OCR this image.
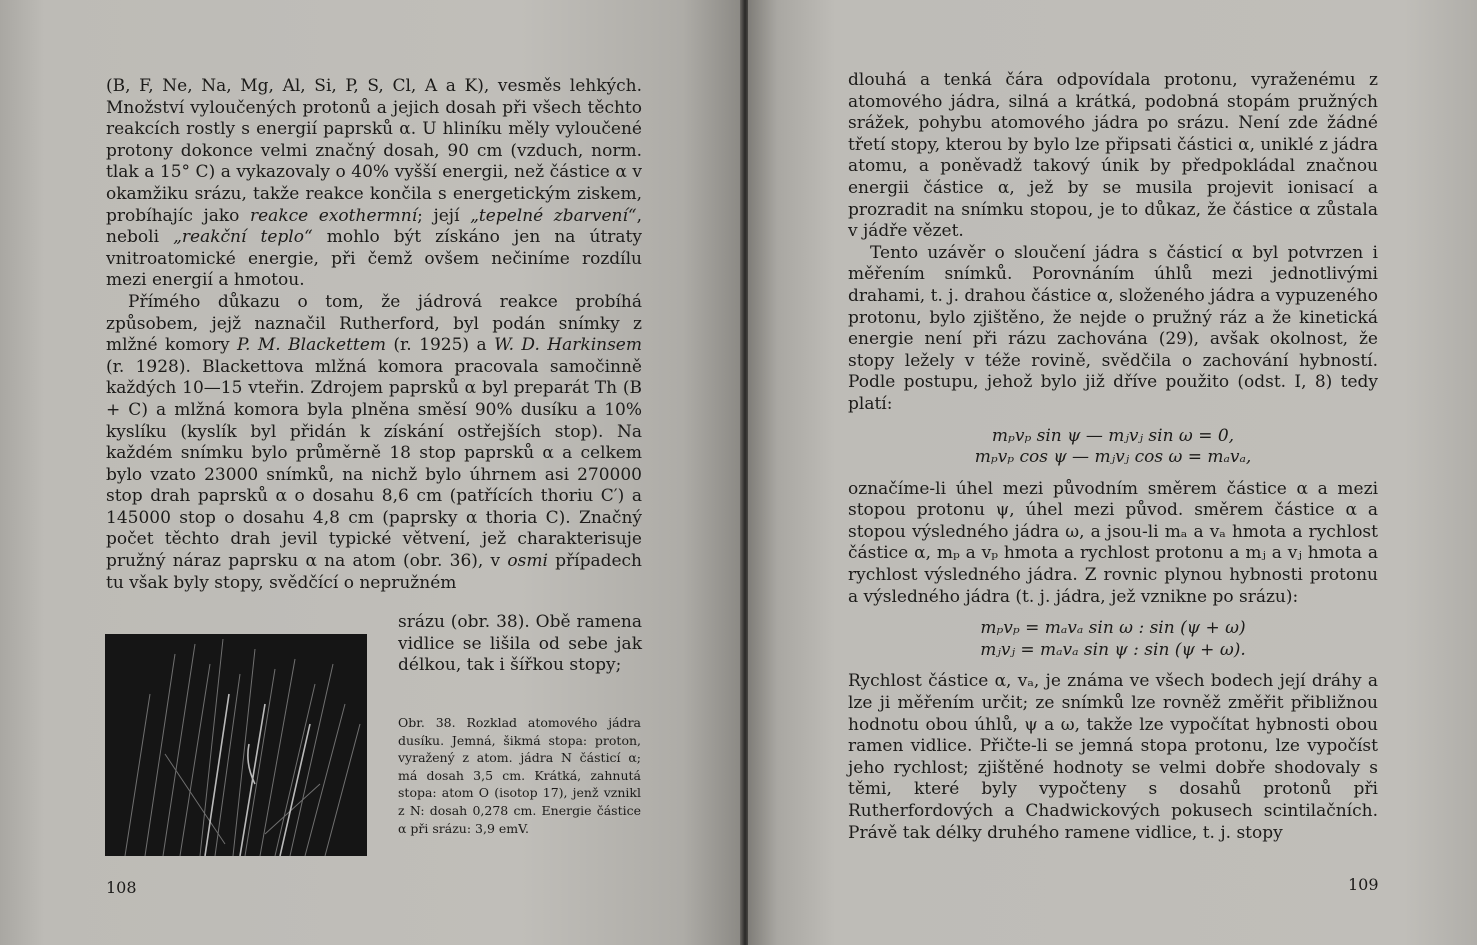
(B, F, Ne, Na, Mg, Al, Si, P, S, Cl, A a K), vesměs lehkých. Množství vyloučených protonů a jejich dosah při všech těchto reakcích rostly s energií paprsků α. U hliníku měly vyloučené protony dokonce velmi značný dosah, 90 cm (vzduch, norm. tlak a 15° C) a vykazovaly o 40% vyšší energii, než částice α v okamžiku srázu, takže reakce končila s energetickým ziskem, probíhajíc jako reakce exothermní; její „tepelné zbarvení“, neboli „reakční teplo“ mohlo být získáno jen na útraty vnitroatomické energie, při čemž ovšem nečiníme rozdílu mezi energií a hmotou.

Přímého důkazu o tom, že jádrová reakce probíhá způsobem, jejž naznačil Rutherford, byl podán snímky z mlžné komory P. M. Blackettem (r. 1925) a W. D. Harkinsem (r. 1928). Blackettova mlžná komora pracovala samočinně každých 10—15 vteřin. Zdrojem paprsků α byl preparát Th (B + C) a mlžná komora byla plněna směsí 90% dusíku a 10% kyslíku (kyslík byl přidán k získání ostřejších stop). Na každém snímku bylo průměrně 18 stop paprsků α a celkem bylo vzato 23000 snímků, na nichž bylo úhrnem asi 270000 stop drah paprsků α o dosahu 8,6 cm (patřících thoriu C′) a 145000 stop o dosahu 4,8 cm (paprsky α thoria C). Značný počet těchto drah jevil typické větvení, jež charakterisuje pružný náraz paprsku α na atom (obr. 36), v osmi případech tu však byly stopy, svědčící o nepružném

srázu (obr. 38). Obě ramena vidlice se lišila od sebe jak délkou, tak i šířkou stopy;
Obr. 38. Rozklad atomového jádra dusíku. Jemná, šikmá stopa: proton, vyražený z atom. jádra N částicí α; má dosah 3,5 cm. Krátká, zahnutá stopa: atom O (isotop 17), jenž vznikl z N: dosah 0,278 cm. Energie částice α při srázu: 3,9 emV.
108

dlouhá a tenká čára odpovídala protonu, vyraženému z atomového jádra, silná a krátká, podobná stopám pružných srážek, pohybu atomového jádra po srázu. Není zde žádné třetí stopy, kterou by bylo lze připsati částici α, uniklé z jádra atomu, a poněvadž takový únik by předpokládal značnou energii částice α, jež by se musila projevit ionisací a prozradit na snímku stopou, je to důkaz, že částice α zůstala v jádře vězet.

Tento uzávěr o sloučení jádra s částicí α byl potvrzen i měřením snímků. Porovnáním úhlů mezi jednotlivými drahami, t. j. drahou částice α, složeného jádra a vypuzeného protonu, bylo zjištěno, že nejde o pružný ráz a že kinetická energie není při rázu zachována (29), avšak okolnost, že stopy ležely v téže rovině, svědčila o zachování hybností. Podle postupu, jehož bylo již dříve použito (odst. I, 8) tedy platí:

mₚvₚ sin ψ — mⱼvⱼ sin ω = 0,

mₚvₚ cos ψ — mⱼvⱼ cos ω = mₐvₐ,

označíme-li úhel mezi původním směrem částice α a mezi stopou protonu ψ, úhel mezi původ. směrem částice α a stopou výsledného jádra ω, a jsou-li mₐ a vₐ hmota a rychlost částice α, mₚ a vₚ hmota a rychlost protonu a mⱼ a vⱼ hmota a rychlost výsledného jádra. Z rovnic plynou hybnosti protonu a výsledného jádra (t. j. jádra, jež vznikne po srázu):

mₚvₚ = mₐvₐ sin ω : sin (ψ + ω)

mⱼvⱼ = mₐvₐ sin ψ : sin (ψ + ω).

Rychlost částice α, vₐ, je známa ve všech bodech její dráhy a lze ji měřením určit; ze snímků lze rovněž změřit přibližnou hodnotu obou úhlů, ψ a ω, takže lze vypočítat hybnosti obou ramen vidlice. Přičte-li se jemná stopa protonu, lze vypočíst jeho rychlost; zjištěné hodnoty se velmi dobře shodovaly s těmi, které byly vypočteny s dosahů protonů při Rutherfordových a Chadwickových pokusech scintilačních. Právě tak délky druhého ramene vidlice, t. j. stopy

109
